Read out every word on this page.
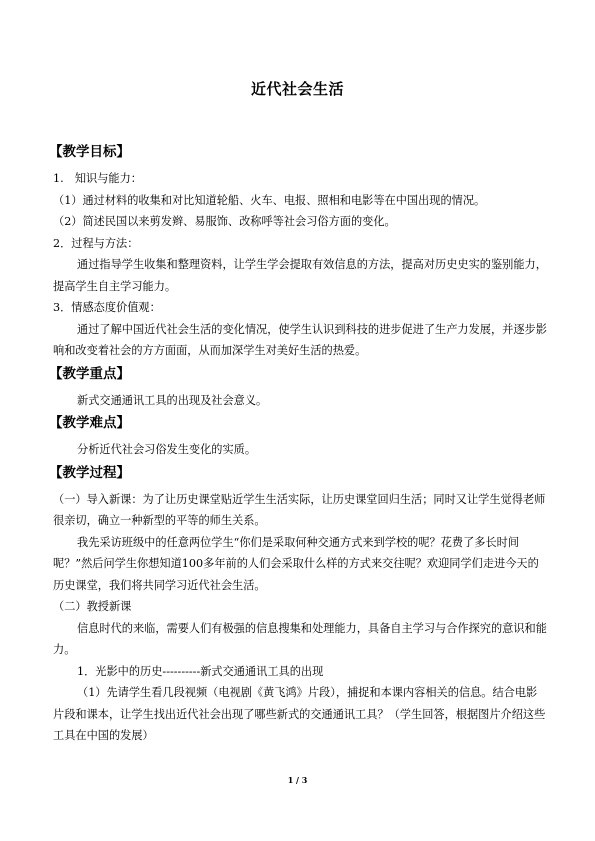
近代社会生活
【教学目标】

1.　知识与能力：

（1）通过材料的收集和对比知道轮船、火车、电报、照相和电影等在中国出现的情况。

（2）简述民国以来剪发辫、易服饰、改称呼等社会习俗方面的变化。

2．过程与方法：

通过指导学生收集和整理资料，让学生学会提取有效信息的方法，提高对历史史实的鉴别能力，提高学生自主学习能力。

3．情感态度价值观：

通过了解中国近代社会生活的变化情况，使学生认识到科技的进步促进了生产力发展，并逐步影响和改变着社会的方方面面，从而加深学生对美好生活的热爱。

【教学重点】

新式交通通讯工具的出现及社会意义。

【教学难点】

分析近代社会习俗发生变化的实质。

【教学过程】

（一）导入新课：为了让历史课堂贴近学生生活实际，让历史课堂回归生活；同时又让学生觉得老师很亲切，确立一种新型的平等的师生关系。

我先采访班级中的任意两位学生“你们是采取何种交通方式来到学校的呢？花费了多长时间呢？”然后问学生你想知道100多年前的人们会采取什么样的方式来交往呢？欢迎同学们走进今天的历史课堂，我们将共同学习近代社会生活。

（二）教授新课

信息时代的来临，需要人们有极强的信息搜集和处理能力，具备自主学习与合作探究的意识和能力。

1．光影中的历史----------新式交通通讯工具的出现

（1）先请学生看几段视频（电视剧《黄飞鸿》片段），捕捉和本课内容相关的信息。结合电影片段和课本，让学生找出近代社会出现了哪些新式的交通通讯工具？（学生回答，根据图片介绍这些工具在中国的发展）

1 / 3
